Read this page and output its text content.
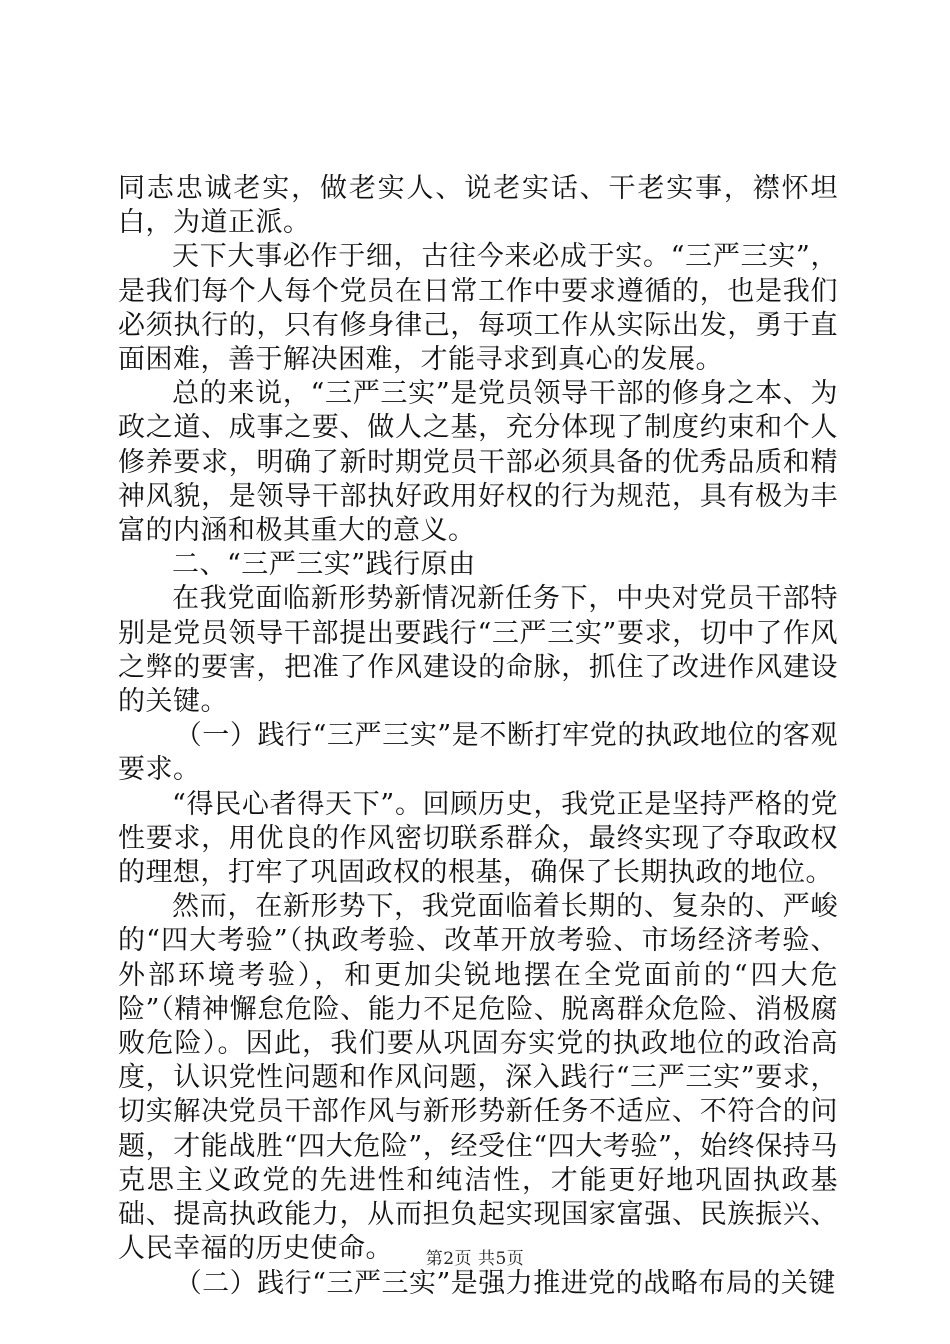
同志忠诚老实，做老实人、说老实话、干老实事，襟怀坦白，为道正派。

天下大事必作于细，古往今来必成于实。“三严三实”，是我们每个人每个党员在日常工作中要求遵循的，也是我们必须执行的，只有修身律己，每项工作从实际出发，勇于直面困难，善于解决困难，才能寻求到真心的发展。

总的来说，“三严三实”是党员领导干部的修身之本、为政之道、成事之要、做人之基，充分体现了制度约束和个人修养要求，明确了新时期党员干部必须具备的优秀品质和精神风貌，是领导干部执好政用好权的行为规范，具有极为丰富的内涵和极其重大的意义。

二、“三严三实”践行原由

在我党面临新形势新情况新任务下，中央对党员干部特别是党员领导干部提出要践行“三严三实”要求，切中了作风之弊的要害，把准了作风建设的命脉，抓住了改进作风建设的关键。

（一）践行“三严三实”是不断打牢党的执政地位的客观要求。

“得民心者得天下”。回顾历史，我党正是坚持严格的党性要求，用优良的作风密切联系群众，最终实现了夺取政权的理想，打牢了巩固政权的根基，确保了长期执政的地位。

然而，在新形势下，我党面临着长期的、复杂的、严峻的“四大考验”（执政考验、改革开放考验、市场经济考验、外部环境考验），和更加尖锐地摆在全党面前的“四大危险”（精神懈怠危险、能力不足危险、脱离群众危险、消极腐败危险）。因此，我们要从巩固夯实党的执政地位的政治高度，认识党性问题和作风问题，深入践行“三严三实”要求，切实解决党员干部作风与新形势新任务不适应、不符合的问题，才能战胜“四大危险”，经受住“四大考验”，始终保持马克思主义政党的先进性和纯洁性，才能更好地巩固执政基础、提高执政能力，从而担负起实现国家富强、民族振兴、人民幸福的历史使命。

（二）践行“三严三实”是强力推进党的战略布局的关键

第2页 共5页
